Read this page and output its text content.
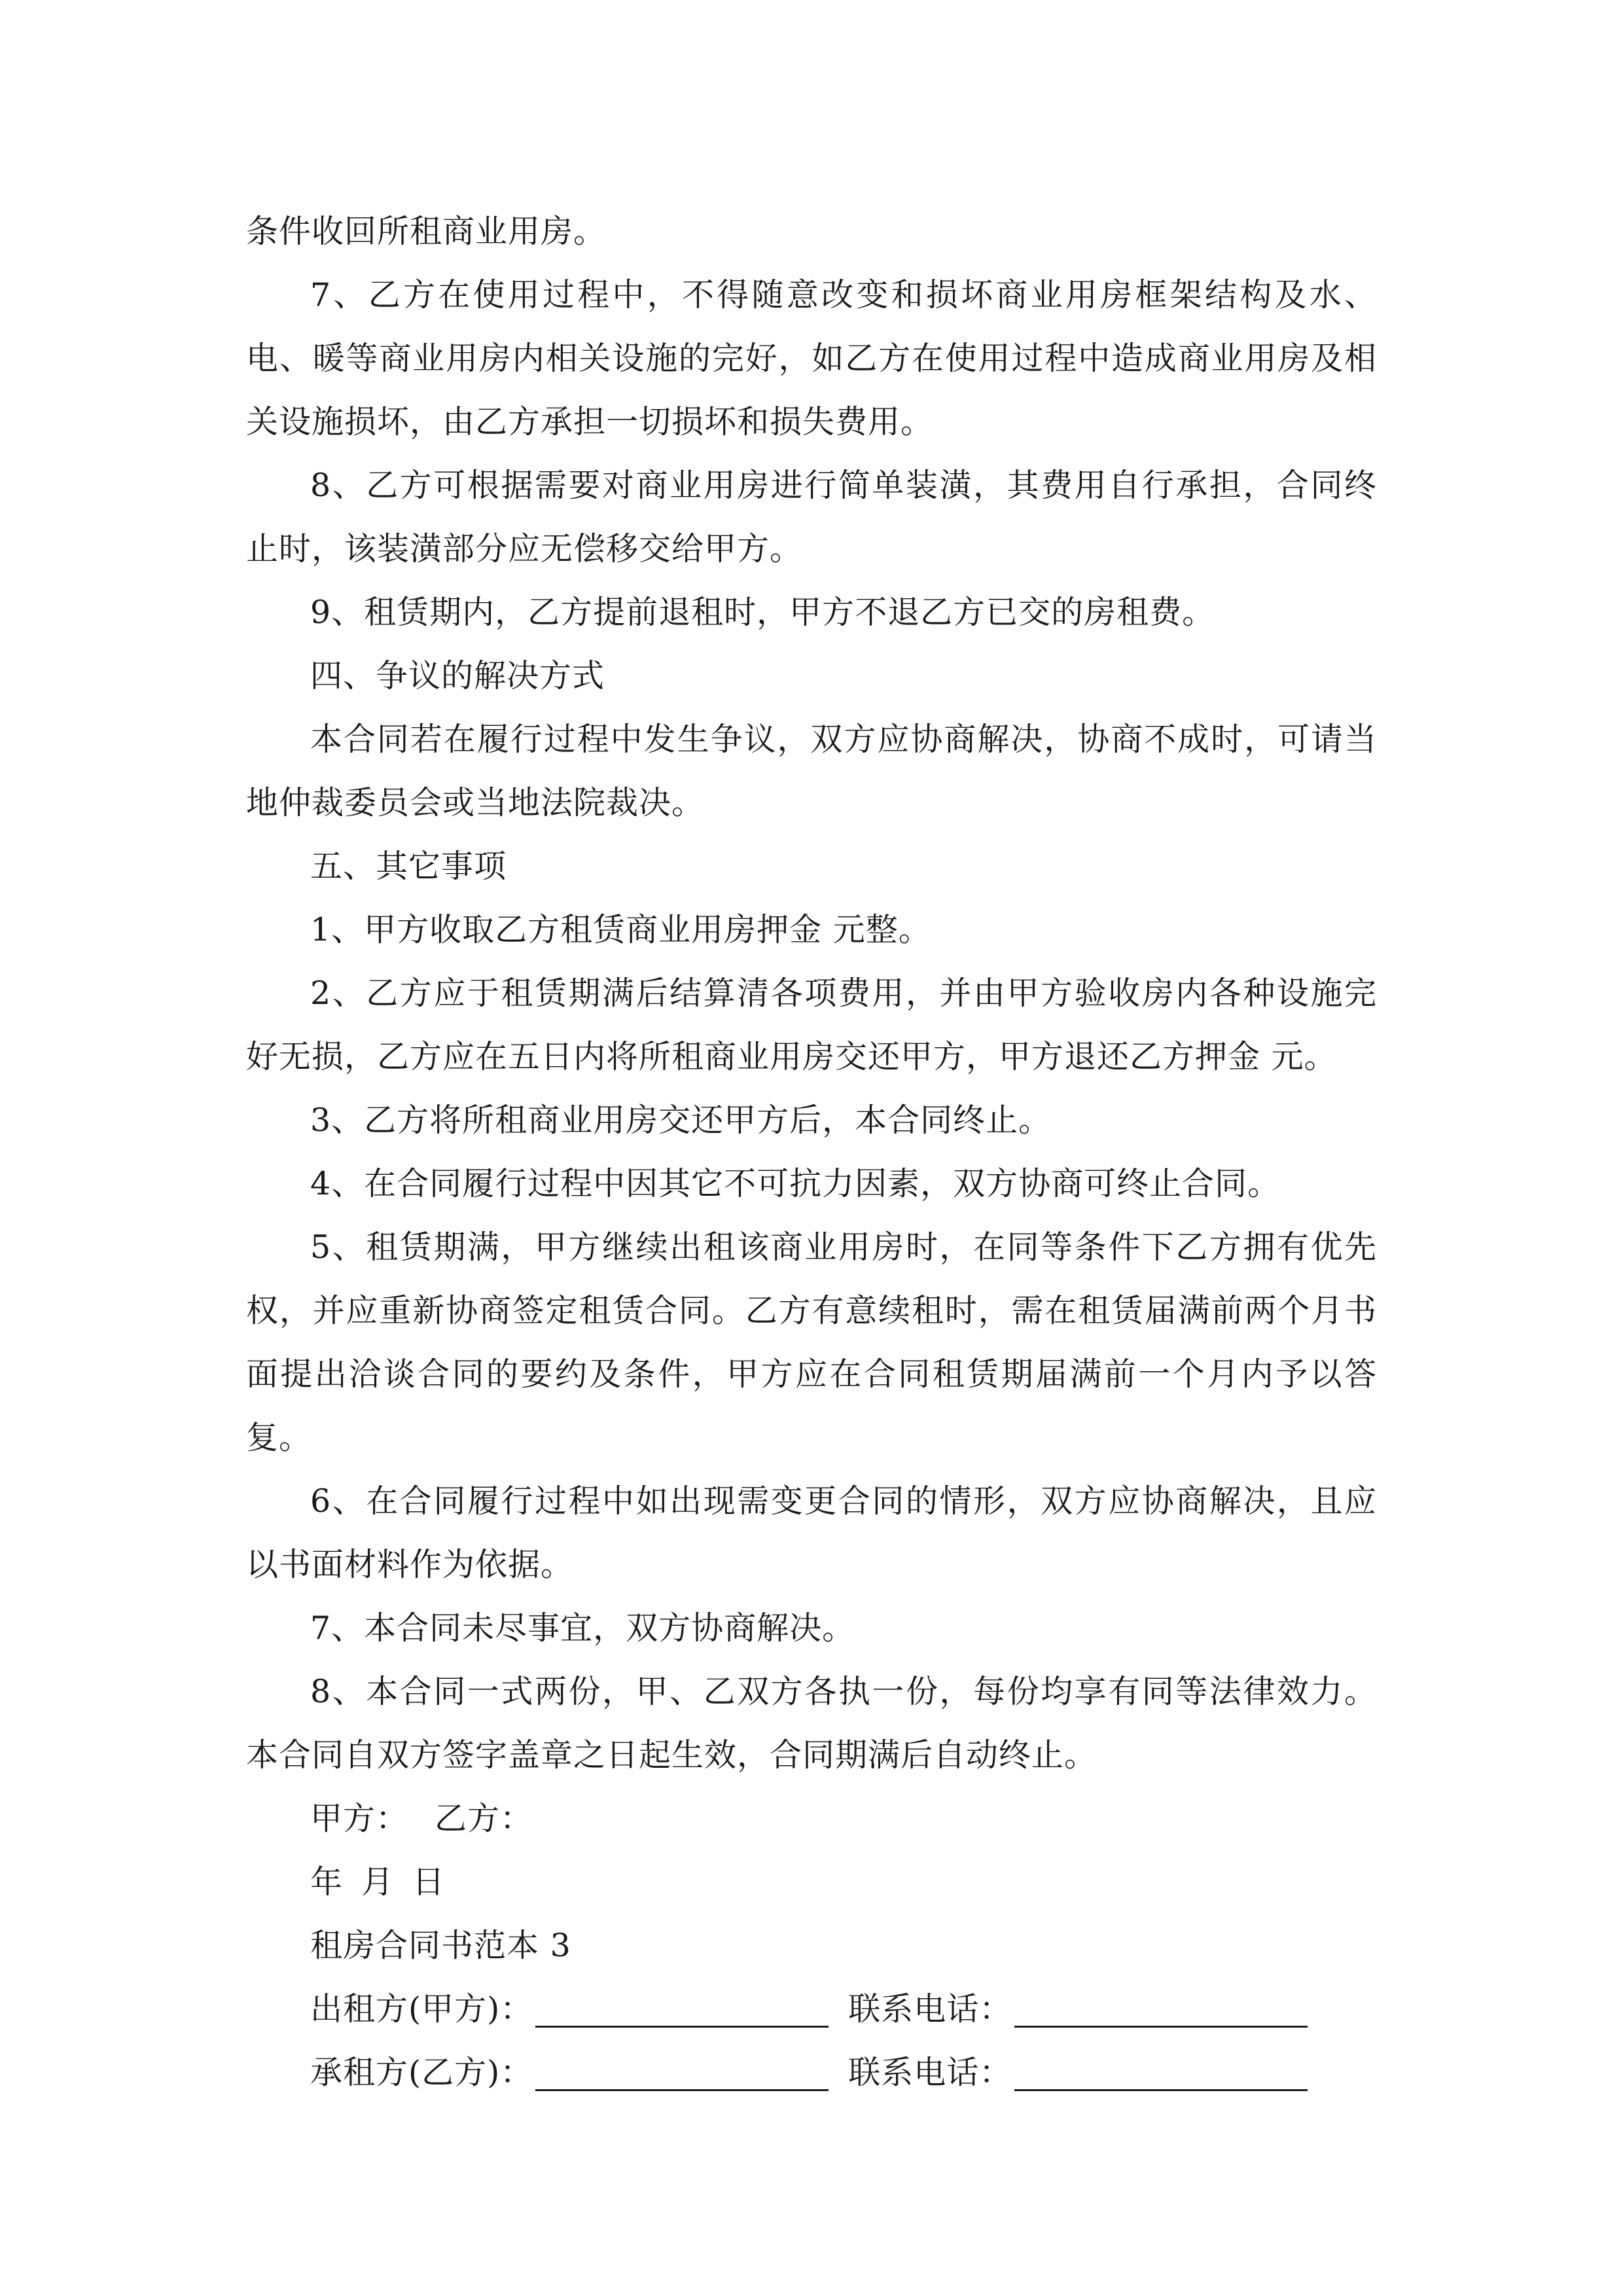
条件收回所租商业用房。

7、乙方在使用过程中，不得随意改变和损坏商业用房框架结构及水、电、暖等商业用房内相关设施的完好，如乙方在使用过程中造成商业用房及相关设施损坏，由乙方承担一切损坏和损失费用。

8、乙方可根据需要对商业用房进行简单装潢，其费用自行承担，合同终止时，该装潢部分应无偿移交给甲方。

9、租赁期内，乙方提前退租时，甲方不退乙方已交的房租费。

四、争议的解决方式

本合同若在履行过程中发生争议，双方应协商解决，协商不成时，可请当地仲裁委员会或当地法院裁决。

五、其它事项

1、甲方收取乙方租赁商业用房押金 元整。

2、乙方应于租赁期满后结算清各项费用，并由甲方验收房内各种设施完好无损，乙方应在五日内将所租商业用房交还甲方，甲方退还乙方押金 元。

3、乙方将所租商业用房交还甲方后，本合同终止。

4、在合同履行过程中因其它不可抗力因素，双方协商可终止合同。

5、租赁期满，甲方继续出租该商业用房时，在同等条件下乙方拥有优先权，并应重新协商签定租赁合同。乙方有意续租时，需在租赁届满前两个月书面提出洽谈合同的要约及条件，甲方应在合同租赁期届满前一个月内予以答复。

6、在合同履行过程中如出现需变更合同的情形，双方应协商解决，且应以书面材料作为依据。

7、本合同未尽事宜，双方协商解决。

8、本合同一式两份，甲、乙双方各执一份，每份均享有同等法律效力。本合同自双方签字盖章之日起生效，合同期满后自动终止。

甲方： 乙方：

年 月 日

租房合同书范本 3

出租方(甲方)：	联系电话：
承租方(乙方)：	联系电话：
